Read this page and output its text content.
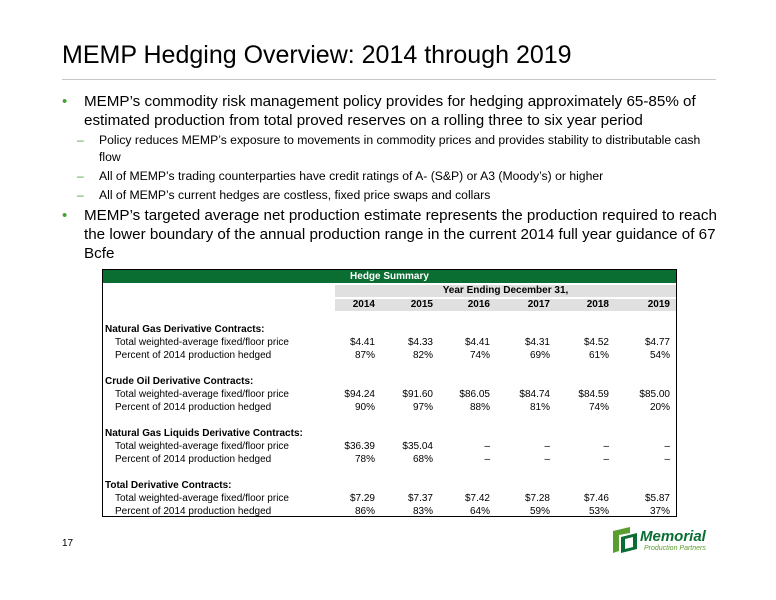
MEMP Hedging Overview: 2014 through 2019
• MEMP’s commodity risk management policy provides for hedging approximately 65-85% of estimated production from total proved reserves on a rolling three to six year period
– Policy reduces MEMP’s exposure to movements in commodity prices and provides stability to distributable cash flow
– All of MEMP’s trading counterparties have credit ratings of A- (S&P) or A3 (Moody’s) or higher
– All of MEMP’s current hedges are costless, fixed price swaps and collars
• MEMP’s targeted average net production estimate represents the production required to reach the lower boundary of the annual production range in the current 2014 full year guidance of 67 Bcfe
Hedge Summary
Year Ending December 31,
2014	2015	2016	2017	2018	2019
Natural Gas Derivative Contracts:
Total weighted-average fixed/floor price	$4.41	$4.33	$4.41	$4.31	$4.52	$4.77
Percent of 2014 production hedged	87%	82%	74%	69%	61%	54%
Crude Oil Derivative Contracts:
Total weighted-average fixed/floor price	$94.24	$91.60	$86.05	$84.74	$84.59	$85.00
Percent of 2014 production hedged	90%	97%	88%	81%	74%	20%
Natural Gas Liquids Derivative Contracts:
Total weighted-average fixed/floor price	$36.39	$35.04	–	–	–	–
Percent of 2014 production hedged	78%	68%	–	–	–	–
Total Derivative Contracts:
Total weighted-average fixed/floor price	$7.29	$7.37	$7.42	$7.28	$7.46	$5.87
Percent of 2014 production hedged	86%	83%	64%	59%	53%	37%
17	Memorial
Production Partners
